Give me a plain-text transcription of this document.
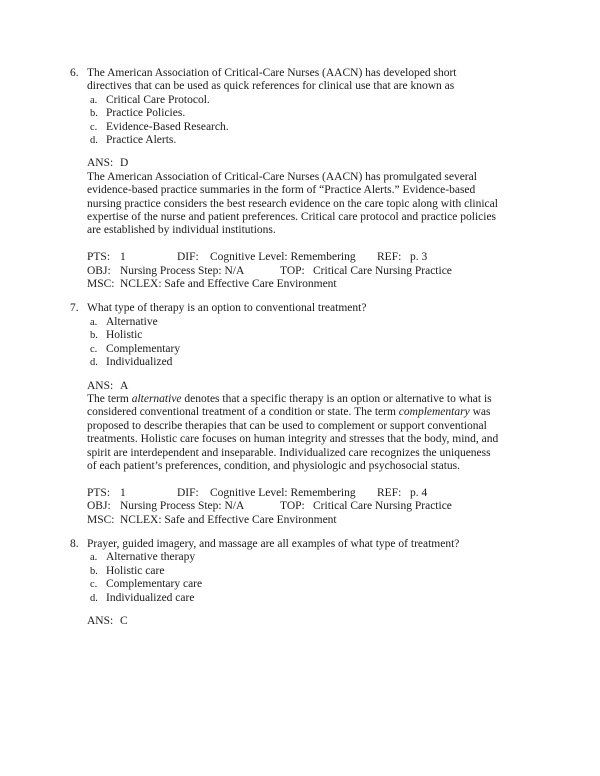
6. The American Association of Critical-Care Nurses (AACN) has developed short
directives that can be used as quick references for clinical use that are known as
a. Critical Care Protocol.
b. Practice Policies.
c. Evidence-Based Research.
d. Practice Alerts.
ANS: D
The American Association of Critical-Care Nurses (AACN) has promulgated several
evidence-based practice summaries in the form of “Practice Alerts.” Evidence-based
nursing practice considers the best research evidence on the care topic along with clinical
expertise of the nurse and patient preferences. Critical care protocol and practice policies
are established by individual institutions.
PTS: 1	DIF: Cognitive Level: Remembering REF: p. 3
OBJ: Nursing Process Step: N/A	TOP: Critical Care Nursing Practice
MSC: NCLEX: Safe and Effective Care Environment
7. What type of therapy is an option to conventional treatment?
a. Alternative
b. Holistic
c. Complementary
d. Individualized
ANS: A
The term alternative denotes that a specific therapy is an option or alternative to what is
considered conventional treatment of a condition or state. The term complementary was
proposed to describe therapies that can be used to complement or support conventional
treatments. Holistic care focuses on human integrity and stresses that the body, mind, and
spirit are interdependent and inseparable. Individualized care recognizes the uniqueness
of each patient’s preferences, condition, and physiologic and psychosocial status.
PTS: 1	DIF: Cognitive Level: Remembering REF: p. 4
OBJ: Nursing Process Step: N/A	TOP: Critical Care Nursing Practice
MSC: NCLEX: Safe and Effective Care Environment
8. Prayer, guided imagery, and massage are all examples of what type of treatment?
a. Alternative therapy
b. Holistic care
c. Complementary care
d. Individualized care
ANS: C
